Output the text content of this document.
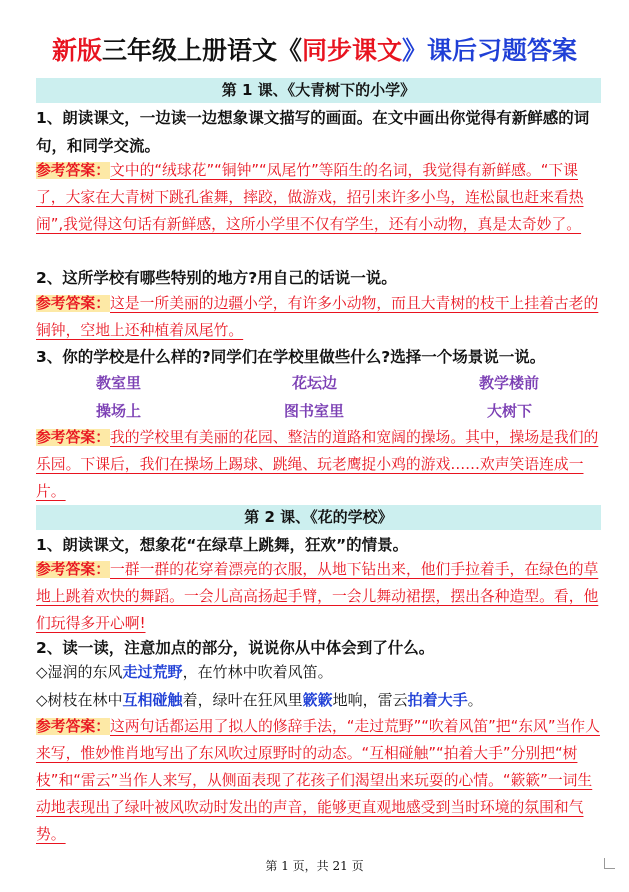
新版三年级上册语文《同步课文》课后习题答案
第 1 课、《大青树下的小学》
1、朗读课文，一边读一边想象课文描写的画面。在文中画出你觉得有新鲜感的词句，和同学交流。
参考答案：文中的“绒球花”“铜钟”“凤尾竹”等陌生的名词，我觉得有新鲜感。“下课了，大家在大青树下跳孔雀舞，摔跤，做游戏，招引来许多小鸟，连松鼠也赶来看热闹”,我觉得这句话有新鲜感，这所小学里不仅有学生，还有小动物，真是太奇妙了。
2、这所学校有哪些特别的地方?用自己的话说一说。
参考答案：这是一所美丽的边疆小学，有许多小动物，而且大青树的枝干上挂着古老的铜钟，空地上还种植着凤尾竹。
3、你的学校是什么样的?同学们在学校里做些什么?选择一个场景说一说。
教室里	花坛边	教学楼前
操场上	图书室里	大树下
参考答案：我的学校里有美丽的花园、整洁的道路和宽阔的操场。其中，操场是我们的乐园。下课后，我们在操场上踢球、跳绳、玩老鹰捉小鸡的游戏……欢声笑语连成一片。
第 2 课、《花的学校》
1、朗读课文，想象花“在绿草上跳舞，狂欢”的情景。
参考答案：一群一群的花穿着漂亮的衣服，从地下钻出来，他们手拉着手，在绿色的草地上跳着欢快的舞蹈。一会儿高高扬起手臂，一会儿舞动裙摆，摆出各种造型。看，他们玩得多开心啊!
2、读一读，注意加点的部分，说说你从中体会到了什么。
◇湿润的东风走过荒野，在竹林中吹着风笛。
◇树枝在林中互相碰触着，绿叶在狂风里簌簌地响，雷云拍着大手。
参考答案：这两句话都运用了拟人的修辞手法，“走过荒野”“吹着风笛”把“东风”当作人来写，惟妙惟肖地写出了东风吹过原野时的动态。“互相碰触”“拍着大手”分别把“树枝”和“雷云”当作人来写，从侧面表现了花孩子们渴望出来玩耍的心情。“簌簌”一词生动地表现出了绿叶被风吹动时发出的声音，能够更直观地感受到当时环境的氛围和气势。
第 1 页，共 21 页
